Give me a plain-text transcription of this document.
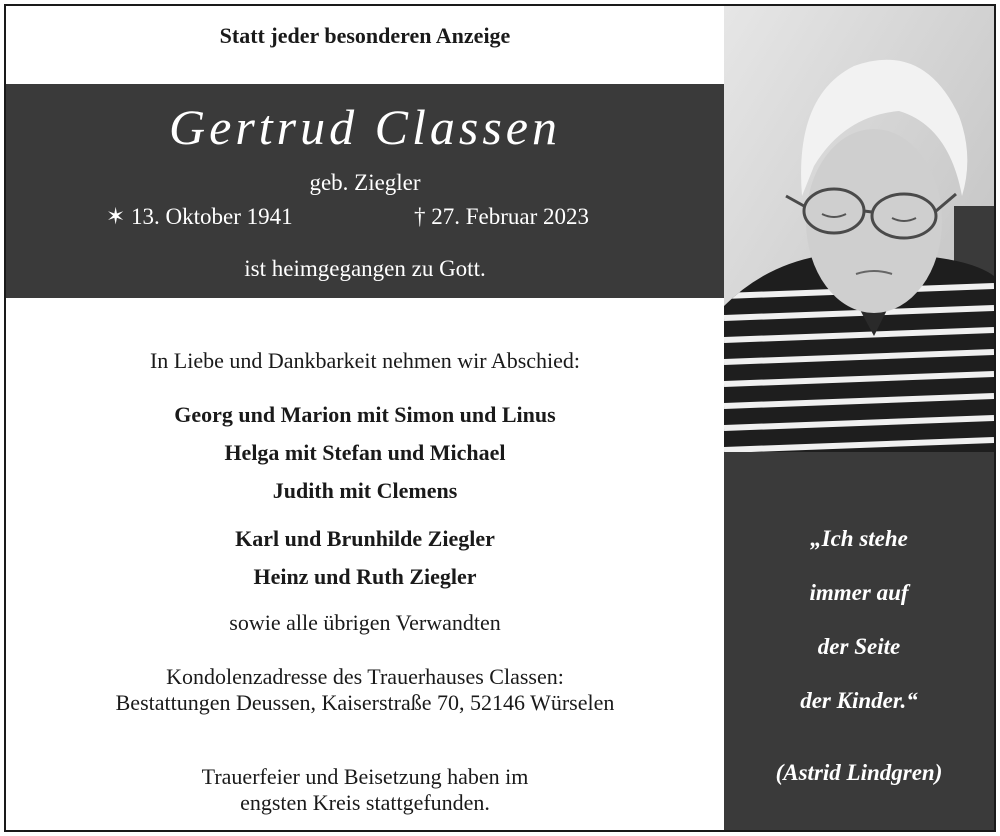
Statt jeder besonderen Anzeige
Gertrud Classen
geb. Ziegler
✶ 13. Oktober 1941	† 27. Februar 2023
ist heimgegangen zu Gott.
In Liebe und Dankbarkeit nehmen wir Abschied:
Georg und Marion mit Simon und Linus
Helga mit Stefan und Michael
Judith mit Clemens
Karl und Brunhilde Ziegler
Heinz und Ruth Ziegler
sowie alle übrigen Verwandten
Kondolenzadresse des Trauerhauses Classen:
Bestattungen Deussen, Kaiserstraße 70, 52146 Würselen
Trauerfeier und Beisetzung haben im
engsten Kreis stattgefunden.
„Ich stehe
immer auf
der Seite
der Kinder.“
(Astrid Lindgren)
